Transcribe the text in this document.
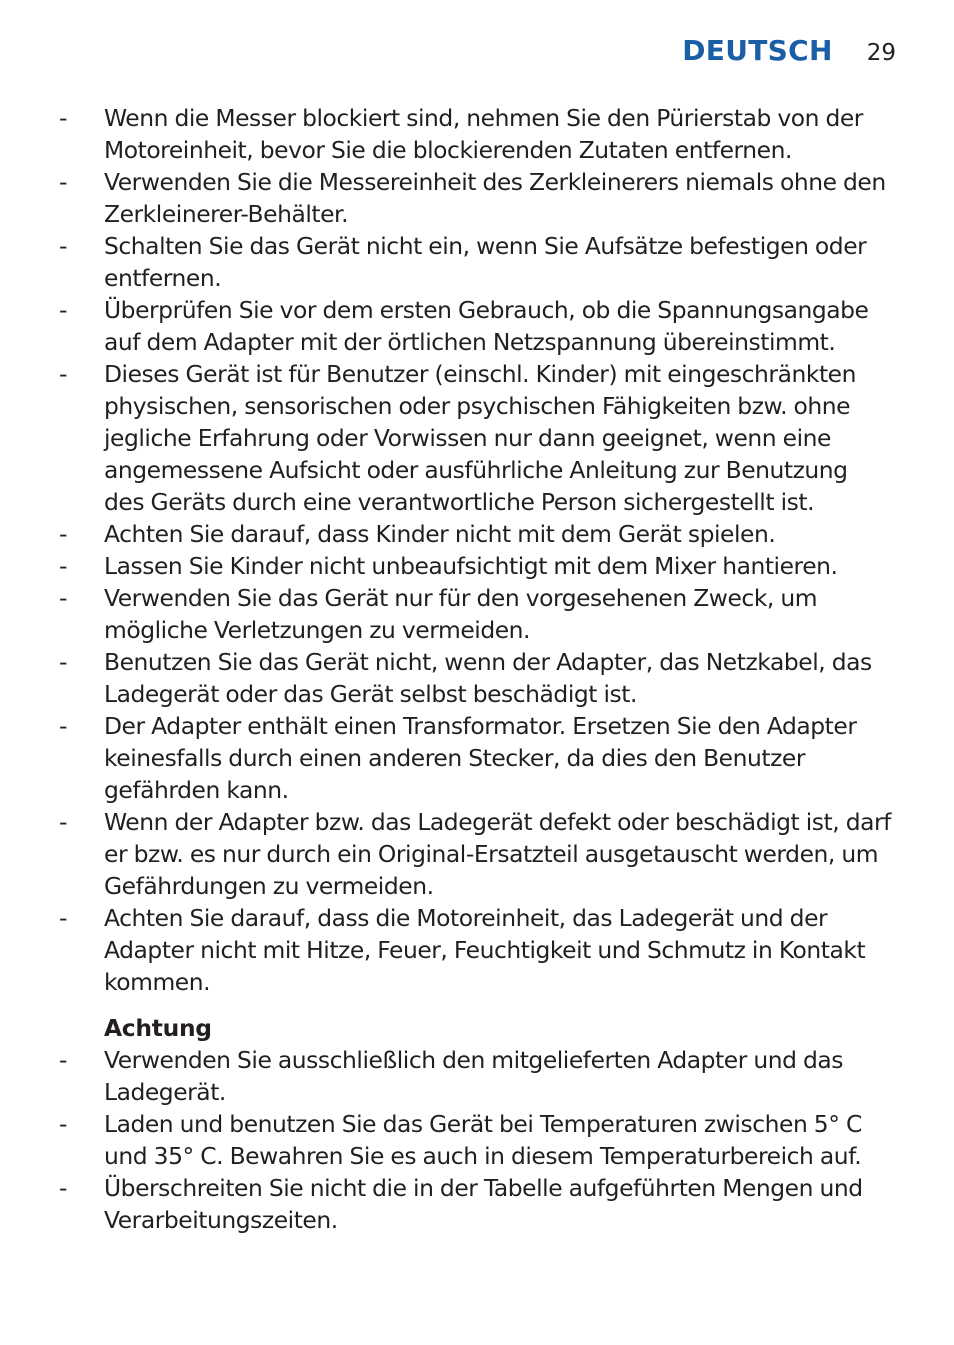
DEUTSCH 29
- Wenn die Messer blockiert sind, nehmen Sie den Pürierstab von der Motoreinheit, bevor Sie die blockierenden Zutaten entfernen.
- Verwenden Sie die Messereinheit des Zerkleinerers niemals ohne den Zerkleinerer-Behälter.
- Schalten Sie das Gerät nicht ein, wenn Sie Aufsätze befestigen oder entfernen.
- Überprüfen Sie vor dem ersten Gebrauch, ob die Spannungsangabe auf dem Adapter mit der örtlichen Netzspannung übereinstimmt.
- Dieses Gerät ist für Benutzer (einschl. Kinder) mit eingeschränkten physischen, sensorischen oder psychischen Fähigkeiten bzw. ohne jegliche Erfahrung oder Vorwissen nur dann geeignet, wenn eine angemessene Aufsicht oder ausführliche Anleitung zur Benutzung des Geräts durch eine verantwortliche Person sichergestellt ist.
- Achten Sie darauf, dass Kinder nicht mit dem Gerät spielen.
- Lassen Sie Kinder nicht unbeaufsichtigt mit dem Mixer hantieren.
- Verwenden Sie das Gerät nur für den vorgesehenen Zweck, um mögliche Verletzungen zu vermeiden.
- Benutzen Sie das Gerät nicht, wenn der Adapter, das Netzkabel, das Ladegerät oder das Gerät selbst beschädigt ist.
- Der Adapter enthält einen Transformator. Ersetzen Sie den Adapter keinesfalls durch einen anderen Stecker, da dies den Benutzer gefährden kann.
- Wenn der Adapter bzw. das Ladegerät defekt oder beschädigt ist, darf er bzw. es nur durch ein Original-Ersatzteil ausgetauscht werden, um Gefährdungen zu vermeiden.
- Achten Sie darauf, dass die Motoreinheit, das Ladegerät und der Adapter nicht mit Hitze, Feuer, Feuchtigkeit und Schmutz in Kontakt kommen.
Achtung
- Verwenden Sie ausschließlich den mitgelieferten Adapter und das Ladegerät.
- Laden und benutzen Sie das Gerät bei Temperaturen zwischen 5° C und 35° C. Bewahren Sie es auch in diesem Temperaturbereich auf.
- Überschreiten Sie nicht die in der Tabelle aufgeführten Mengen und Verarbeitungszeiten.
